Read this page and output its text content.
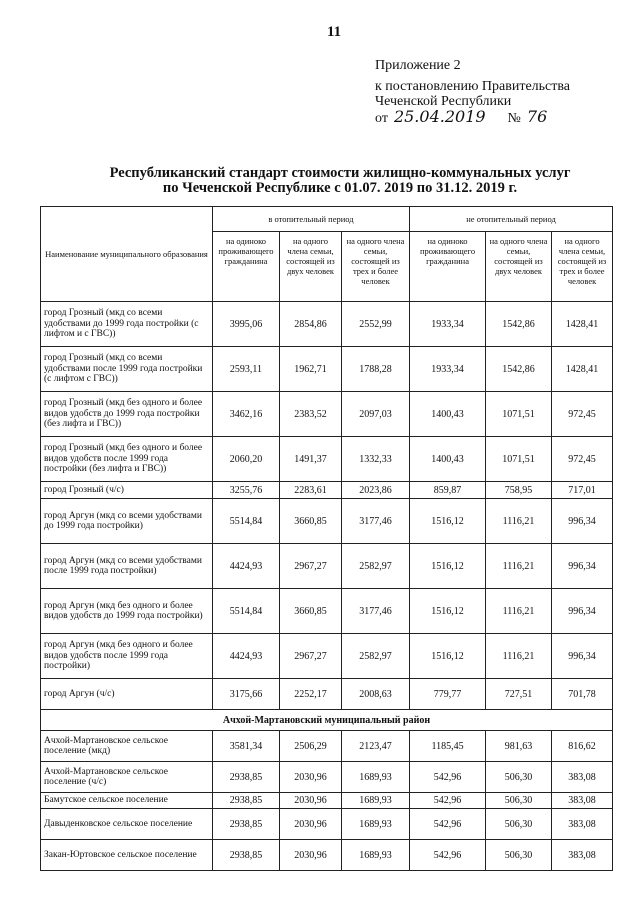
11
Приложение 2
к постановлению Правительства
Чеченской Республики
от 25.04.2019 № 76
Республиканский стандарт стоимости жилищно-коммунальных услуг
по Чеченской Республике с 01.07. 2019 по 31.12. 2019 г.
Наименование муниципального образования	в отопительный период			не отопительный период		
	на одиноко проживающего гражданина	на одного члена семьи, состоящей из двух человек	на одного члена семьи, состоящей из трех и более человек	на одиноко проживающего гражданина	на одного члена семьи, состоящей из двух человек	на одного члена семьи, состоящей из трех и более человек
город Грозный (мкд со всеми удобствами до 1999 года постройки (с лифтом и с ГВС))	3995,06	2854,86	2552,99	1933,34	1542,86	1428,41
город Грозный (мкд со всеми удобствами после 1999 года постройки (с лифтом с ГВС))	2593,11	1962,71	1788,28	1933,34	1542,86	1428,41
город Грозный (мкд без одного и более видов удобств до 1999 года постройки (без лифта и ГВС))	3462,16	2383,52	2097,03	1400,43	1071,51	972,45
город Грозный (мкд без одного и более видов удобств после 1999 года постройки (без лифта и ГВС))	2060,20	1491,37	1332,33	1400,43	1071,51	972,45
город Грозный (ч/с)	3255,76	2283,61	2023,86	859,87	758,95	717,01
город Аргун (мкд со всеми удобствами до 1999 года постройки)	5514,84	3660,85	3177,46	1516,12	1116,21	996,34
город Аргун (мкд со всеми удобствами после 1999 года постройки)	4424,93	2967,27	2582,97	1516,12	1116,21	996,34
город Аргун (мкд без одного и более видов удобств до 1999 года постройки)	5514,84	3660,85	3177,46	1516,12	1116,21	996,34
город Аргун (мкд без одного и более видов удобств после 1999 года постройки)	4424,93	2967,27	2582,97	1516,12	1116,21	996,34
город Аргун (ч/с)	3175,66	2252,17	2008,63	779,77	727,51	701,78
Ачхой-Мартановский муниципальный район						
Ачхой-Мартановское сельское поселение (мкд)	3581,34	2506,29	2123,47	1185,45	981,63	816,62
Ачхой-Мартановское сельское поселение (ч/с)	2938,85	2030,96	1689,93	542,96	506,30	383,08
Бамутское сельское поселение	2938,85	2030,96	1689,93	542,96	506,30	383,08
Давыденковское сельское поселение	2938,85	2030,96	1689,93	542,96	506,30	383,08
Закан-Юртовское сельское поселение	2938,85	2030,96	1689,93	542,96	506,30	383,08
